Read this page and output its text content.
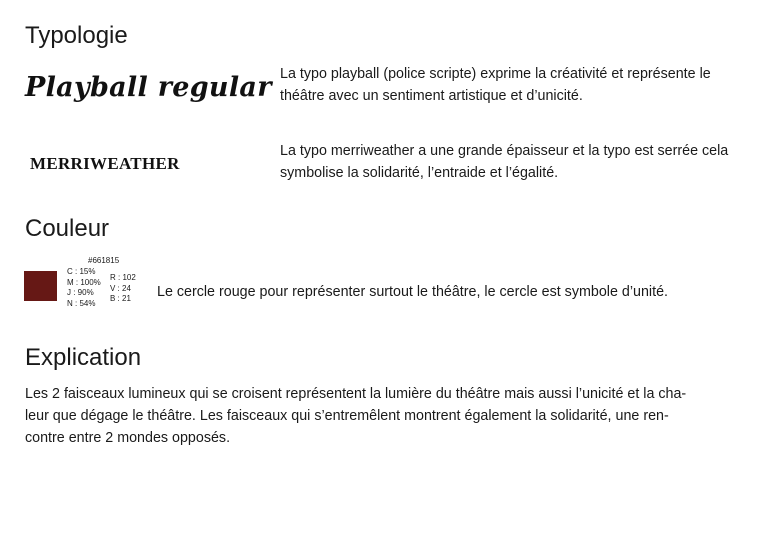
Typologie
Playball regular La typo playball (police scripte) exprime la créativité et représente le théâtre avec un sentiment artistique et d’unicité.
MERRIWEATHER
La typo merriweather a une grande épaisseur et la typo est serrée cela symbolise la solidarité, l’entraide et l’égalité.
Couleur
#661815
C : 15%
M : 100%
J : 90%
N : 54%
R : 102
V : 24
B : 21	Le cercle rouge pour représenter surtout le théâtre, le cercle est symbole d’unité.
Explication
Les 2 faisceaux lumineux qui se croisent représentent la lumière du théâtre mais aussi l’unicité et la cha-
leur que dégage le théâtre. Les faisceaux qui s’entremêlent montrent également la solidarité, une ren-
contre entre 2 mondes opposés.
